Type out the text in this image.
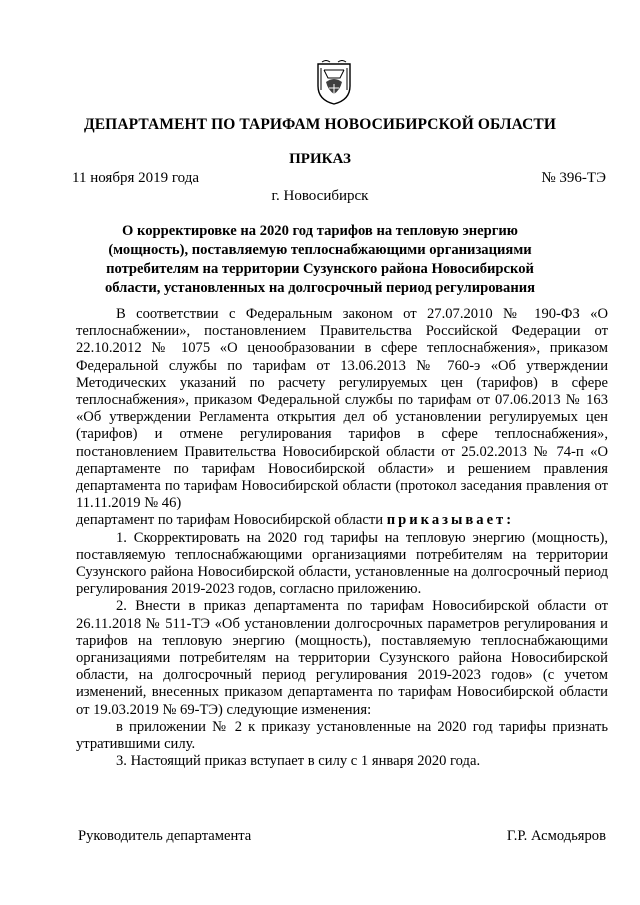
ДЕПАРТАМЕНТ ПО ТАРИФАМ НОВОСИБИРСКОЙ ОБЛАСТИ
ПРИКАЗ
11 ноября 2019 года	№ 396-ТЭ
г. Новосибирск
О корректировке на 2020 год тарифов на тепловую энергию (мощность), поставляемую теплоснабжающими организациями потребителям на территории Сузунского района Новосибирской области, установленных на долгосрочный период регулирования

В соответствии с Федеральным законом от 27.07.2010 № 190-ФЗ «О теплоснабжении», постановлением Правительства Российской Федерации от 22.10.2012 № 1075 «О ценообразовании в сфере теплоснабжения», приказом Федеральной службы по тарифам от 13.06.2013 № 760-э «Об утверждении Методических указаний по расчету регулируемых цен (тарифов) в сфере теплоснабжения», приказом Федеральной службы по тарифам от 07.06.2013 № 163 «Об утверждении Регламента открытия дел об установлении регулируемых цен (тарифов) и отмене регулирования тарифов в сфере теплоснабжения», постановлением Правительства Новосибирской области от 25.02.2013 № 74-п «О департаменте по тарифам Новосибирской области» и решением правления департамента по тарифам Новосибирской области (протокол заседания правления от 11.11.2019 № 46)

департамент по тарифам Новосибирской области приказывает:

1. Скорректировать на 2020 год тарифы на тепловую энергию (мощность), поставляемую теплоснабжающими организациями потребителям на территории Сузунского района Новосибирской области, установленные на долгосрочный период регулирования 2019-2023 годов, согласно приложению.

2. Внести в приказ департамента по тарифам Новосибирской области от 26.11.2018 № 511-ТЭ «Об установлении долгосрочных параметров регулирования и тарифов на тепловую энергию (мощность), поставляемую теплоснабжающими организациями потребителям на территории Сузунского района Новосибирской области, на долгосрочный период регулирования 2019-2023 годов» (с учетом изменений, внесенных приказом департамента по тарифам Новосибирской области от 19.03.2019 № 69-ТЭ) следующие изменения:

в приложении № 2 к приказу установленные на 2020 год тарифы признать утратившими силу.

3. Настоящий приказ вступает в силу с 1 января 2020 года.

Руководитель департамента	Г.Р. Асмодьяров
